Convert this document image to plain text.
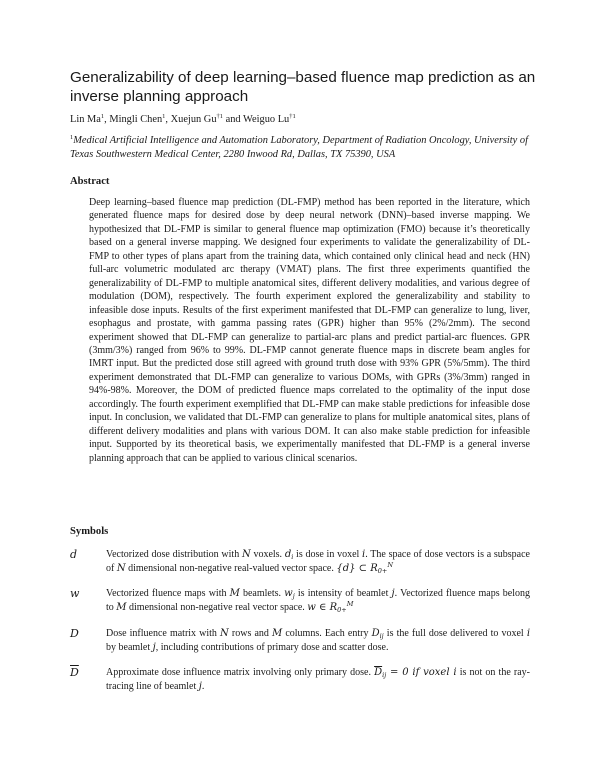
Generalizability of deep learning–based fluence map prediction as an inverse planning approach
Lin Ma$^1$, Mingli Chen$^1$, Xuejun Gu$^{\dagger 1}$ and Weiguo Lu$^{\dagger 1}$
$^1$Medical Artificial Intelligence and Automation Laboratory, Department of Radiation Oncology, University of Texas Southwestern Medical Center, 2280 Inwood Rd, Dallas, TX 75390, USA
Abstract
Deep learning–based fluence map prediction (DL-FMP) method has been reported in the literature, which generated fluence maps for desired dose by deep neural network (DNN)–based inverse mapping. We hypothesized that DL-FMP is similar to general fluence map optimization (FMO) because it’s theoretically based on a general inverse mapping. We designed four experiments to validate the generalizability of DL-FMP to other types of plans apart from the training data, which contained only clinical head and neck (HN) full-arc volumetric modulated arc therapy (VMAT) plans. The first three experiments quantified the generalizability of DL-FMP to multiple anatomical sites, different delivery modalities, and various degree of modulation (DOM), respectively. The fourth experiment explored the generalizability and stability to infeasible dose inputs. Results of the first experiment manifested that DL-FMP can generalize to lung, liver, esophagus and prostate, with gamma passing rates (GPR) higher than 95% (2%/2mm). The second experiment showed that DL-FMP can generalize to partial-arc plans and predict partial-arc fluences. GPR (3mm/3%) ranged from 96% to 99%. DL-FMP cannot generate fluence maps in discrete beam angles for IMRT input. But the predicted dose still agreed with ground truth dose with 93% GPR (5%/5mm). The third experiment demonstrated that DL-FMP can generalize to various DOMs, with GPRs (3%/3mm) ranged in 94%-98%. Moreover, the DOM of predicted fluence maps correlated to the optimality of the input dose accordingly. The fourth experiment exemplified that DL-FMP can make stable predictions for infeasible dose input. In conclusion, we validated that DL-FMP can generalize to plans for multiple anatomical sites, plans of different delivery modalities and plans with various DOM. It can also make stable prediction for infeasible input. Supported by its theoretical basis, we experimentally manifested that DL-FMP is a general inverse planning approach that can be applied to various clinical scenarios.
Symbols
d	Vectorized dose distribution with N voxels. $d_i$ is dose in voxel i. The space of dose vectors is a subspace of N dimensional non-negative real-valued vector space. {d} ⊂ $R_{0+}^N$
w	Vectorized fluence maps with M beamlets. $w_j$ is intensity of beamlet j. Vectorized fluence maps belong to M dimensional non-negative real vector space. w ∈ $R_{0+}^M$
D	Dose influence matrix with N rows and M columns. Each entry $D_{ij}$ is the full dose delivered to voxel i by beamlet j, including contributions of primary dose and scatter dose.
$\overline{D}$	Approximate dose influence matrix involving only primary dose. $\overline{D}_{ij} = 0$ if voxel i is not on the ray-tracing line of beamlet j.
